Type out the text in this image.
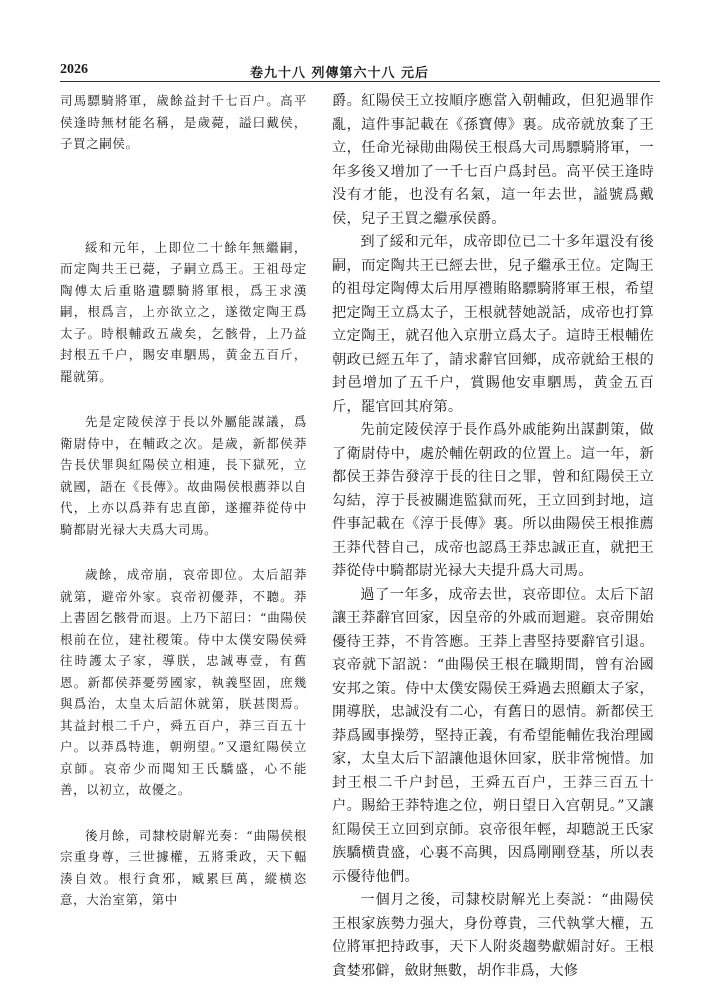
2026	卷九十八 列傳第六十八 元后

司馬驃騎將軍，歲餘益封千七百户。高平侯逢時無材能名稱，是歲薨，謚曰戴侯，子買之嗣侯。

綏和元年，上即位二十餘年無繼嗣，而定陶共王已薨，子嗣立爲王。王祖母定陶傅太后重賂遺驃騎將軍根，爲王求漢嗣，根爲言，上亦欲立之，遂徵定陶王爲太子。時根輔政五歲矣，乞骸骨，上乃益封根五千户，賜安車駟馬，黄金五百斤，罷就第。

先是定陵侯淳于長以外屬能謀議，爲衛尉侍中，在輔政之次。是歲，新都侯莽告長伏罪與紅陽侯立相連，長下獄死，立就國，語在《長傳》。故曲陽侯根薦莽以自代，上亦以爲莽有忠直節，遂擢莽從侍中騎都尉光禄大夫爲大司馬。

歲餘，成帝崩，哀帝即位。太后詔莽就第，避帝外家。哀帝初優莽，不聽。莽上書固乞骸骨而退。上乃下詔曰：“曲陽侯根前在位，建社稷策。侍中太僕安陽侯舜往時護太子家，導朕，忠誠專壹，有舊恩。新都侯莽憂勞國家，執義堅固，庶幾與爲治，太皇太后詔休就第，朕甚閔焉。其益封根二千户，舜五百户，莽三百五十户。以莽爲特進，朝朔望。”又還紅陽侯立京師。哀帝少而聞知王氏驕盛，心不能善，以初立，故優之。

後月餘，司隸校尉解光奏：“曲陽侯根宗重身尊，三世據權，五將秉政，天下輻湊自效。根行貪邪，臧累巨萬，縱横恣意，大治室第，第中

爵。紅陽侯王立按順序應當入朝輔政，但犯過罪作亂，這件事記載在《孫寶傳》裏。成帝就放棄了王立，任命光禄勛曲陽侯王根爲大司馬驃騎將軍，一年多後又增加了一千七百户爲封邑。高平侯王逢時没有才能，也没有名氣，這一年去世，謚號爲戴侯，兒子王買之繼承侯爵。

到了綏和元年，成帝即位已二十多年還没有後嗣，而定陶共王已經去世，兒子繼承王位。定陶王的祖母定陶傅太后用厚禮賄賂驃騎將軍王根，希望把定陶王立爲太子，王根就替她説話，成帝也打算立定陶王，就召他入京册立爲太子。這時王根輔佐朝政已經五年了，請求辭官回鄉，成帝就給王根的封邑增加了五千户，賞賜他安車駟馬，黄金五百斤，罷官回其府第。

先前定陵侯淳于長作爲外戚能夠出謀劃策，做了衛尉侍中，處於輔佐朝政的位置上。這一年，新都侯王莽告發淳于長的往日之罪，曾和紅陽侯王立勾結，淳于長被關進監獄而死，王立回到封地，這件事記載在《淳于長傳》裏。所以曲陽侯王根推薦王莽代替自己，成帝也認爲王莽忠誠正直，就把王莽從侍中騎都尉光禄大夫提升爲大司馬。

過了一年多，成帝去世，哀帝即位。太后下詔讓王莽辭官回家，因皇帝的外戚而迴避。哀帝開始優待王莽，不肯答應。王莽上書堅持要辭官引退。哀帝就下詔説：“曲陽侯王根在職期間，曾有治國安邦之策。侍中太僕安陽侯王舜過去照顧太子家，開導朕，忠誠没有二心，有舊日的恩情。新都侯王莽爲國事操勞，堅持正義，有希望能輔佐我治理國家，太皇太后下詔讓他退休回家，朕非常惋惜。加封王根二千户封邑，王舜五百户，王莽三百五十户。賜給王莽特進之位，朔日望日入宫朝見。”又讓紅陽侯王立回到京師。哀帝很年輕，却聽説王氏家族驕横貴盛，心裏不高興，因爲剛剛登基，所以表示優待他們。

一個月之後，司隸校尉解光上奏説：“曲陽侯王根家族勢力强大，身份尊貴，三代執掌大權，五位將軍把持政事，天下人附炎趨勢獻媚討好。王根貪婪邪僻，斂財無數，胡作非爲，大修
